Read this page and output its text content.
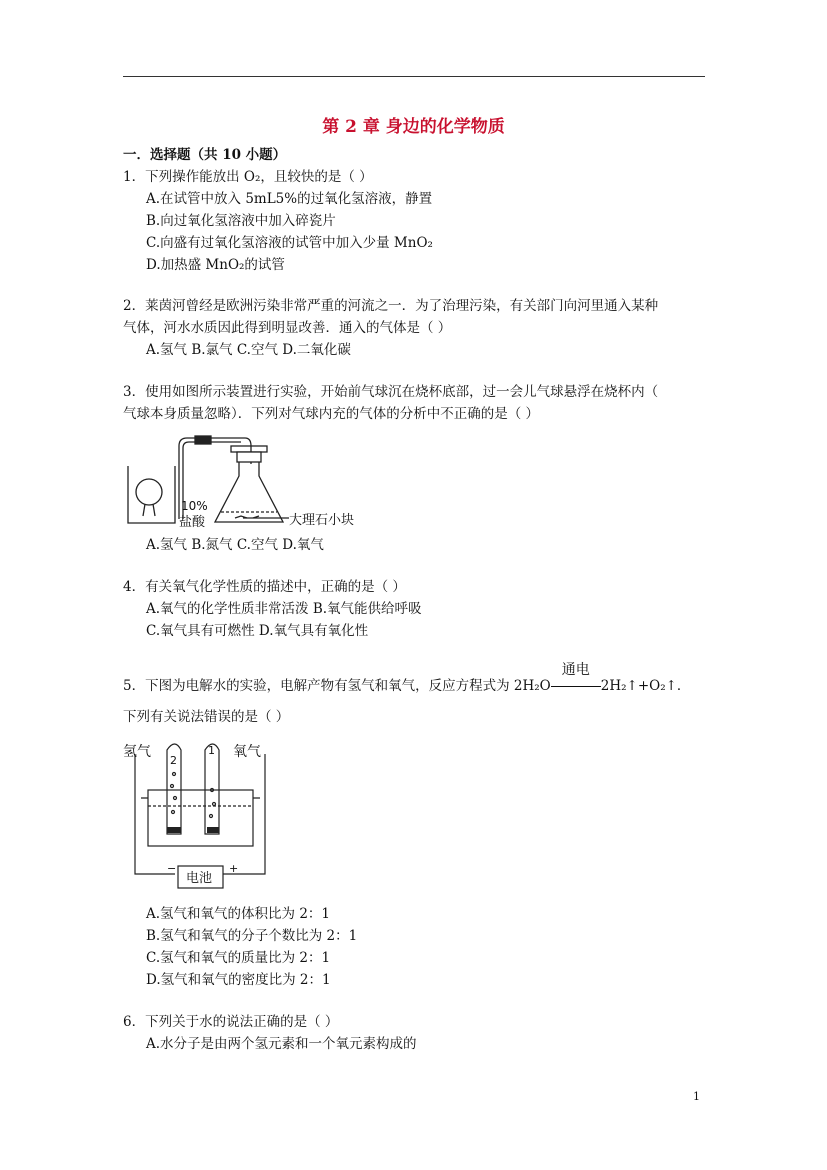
第 2 章 身边的化学物质
一．选择题（共 10 小题）
1．下列操作能放出 O₂，且较快的是（ ）
A.在试管中放入 5mL5%的过氧化氢溶液，静置
B.向过氧化氢溶液中加入碎瓷片
C.向盛有过氧化氢溶液的试管中加入少量 MnO₂
D.加热盛 MnO₂的试管
2．莱茵河曾经是欧洲污染非常严重的河流之一．为了治理污染，有关部门向河里通入某种
气体，河水水质因此得到明显改善．通入的气体是（ ）
A.氢气 B.氯气 C.空气 D.二氧化碳
3．使用如图所示装置进行实验，开始前气球沉在烧杯底部，过一会儿气球悬浮在烧杯内（
气球本身质量忽略）．下列对气球内充的气体的分析中不正确的是（ ）
10%
盐酸	大理石小块
A.氢气 B.氮气 C.空气 D.氧气
4．有关氧气化学性质的描述中，正确的是（ ）
A.氧气的化学性质非常活泼 B.氧气能供给呼吸
C.氧气具有可燃性 D.氧气具有氧化性
5．下图为电解水的实验，电解产物有氢气和氧气，反应方程式为 2H₂O
通电
2H₂↑+O₂↑．
下列有关说法错误的是（ ）
氢气	氧气
2
1
−	+
电池
A.氢气和氧气的体积比为 2：1
B.氢气和氧气的分子个数比为 2：1
C.氢气和氧气的质量比为 2：1
D.氢气和氧气的密度比为 2：1
6．下列关于水的说法正确的是（ ）
A.水分子是由两个氢元素和一个氧元素构成的
1
